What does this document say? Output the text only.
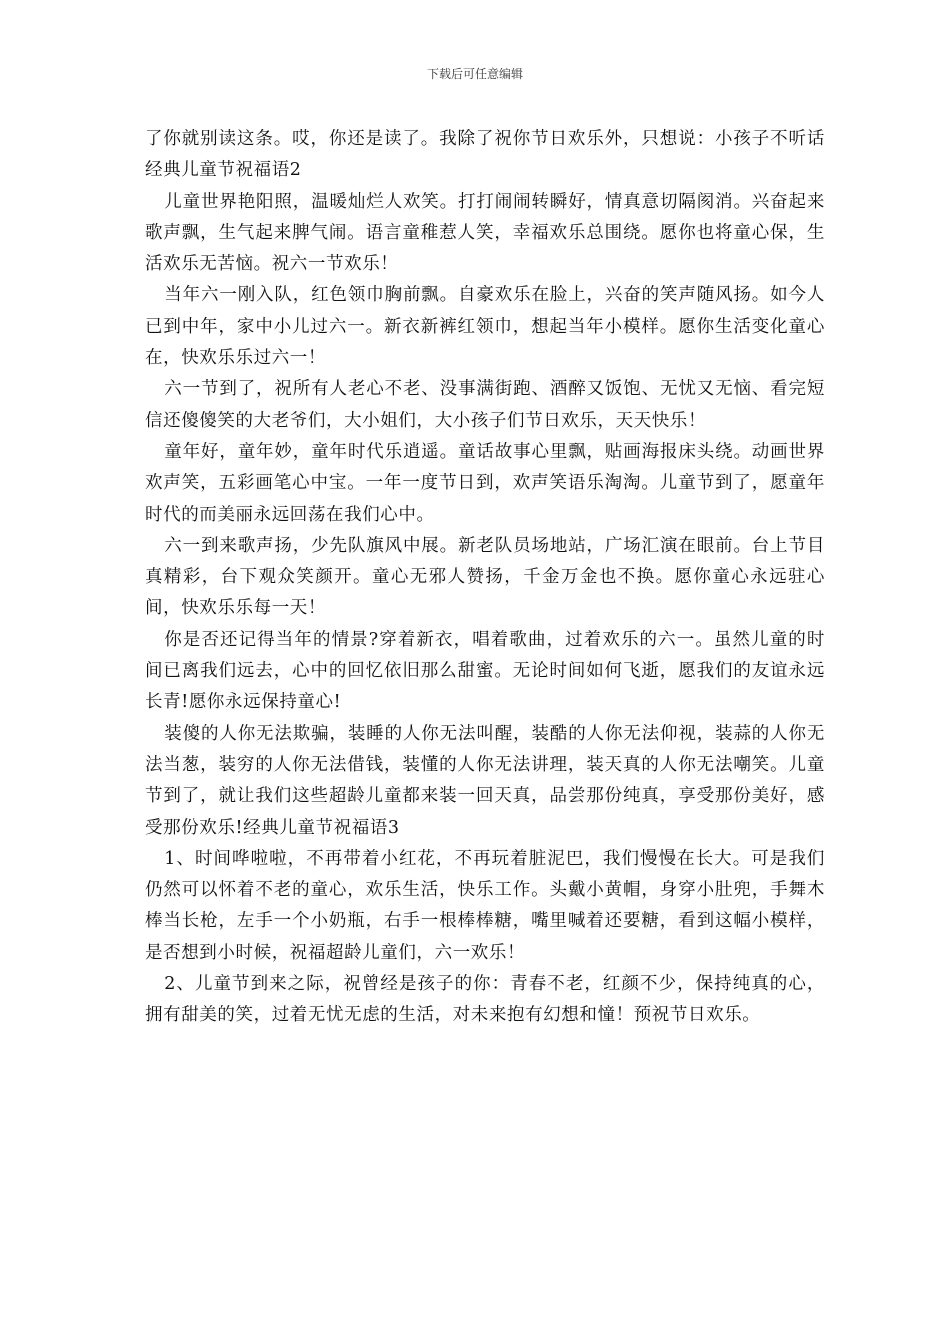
下载后可任意编辑

了你就别读这条。哎，你还是读了。我除了祝你节日欢乐外，只想说：小孩子不听话经典儿童节祝福语2

儿童世界艳阳照，温暖灿烂人欢笑。打打闹闹转瞬好，情真意切隔阂消。兴奋起来歌声飘，生气起来脾气闹。语言童稚惹人笑，幸福欢乐总围绕。愿你也将童心保，生活欢乐无苦恼。祝六一节欢乐！

当年六一刚入队，红色领巾胸前飘。自豪欢乐在脸上，兴奋的笑声随风扬。如今人已到中年，家中小儿过六一。新衣新裤红领巾，想起当年小模样。愿你生活变化童心在，快欢乐乐过六一！

六一节到了，祝所有人老心不老、没事满街跑、酒醉又饭饱、无忧又无恼、看完短信还傻傻笑的大老爷们，大小姐们，大小孩子们节日欢乐，天天快乐！

童年好，童年妙，童年时代乐逍遥。童话故事心里飘，贴画海报床头绕。动画世界欢声笑，五彩画笔心中宝。一年一度节日到，欢声笑语乐淘淘。儿童节到了，愿童年时代的而美丽永远回荡在我们心中。

六一到来歌声扬，少先队旗风中展。新老队员场地站，广场汇演在眼前。台上节目真精彩，台下观众笑颜开。童心无邪人赞扬，千金万金也不换。愿你童心永远驻心间，快欢乐乐每一天！

你是否还记得当年的情景?穿着新衣，唱着歌曲，过着欢乐的六一。虽然儿童的时间已离我们远去，心中的回忆依旧那么甜蜜。无论时间如何飞逝，愿我们的友谊永远长青!愿你永远保持童心!

装傻的人你无法欺骗，装睡的人你无法叫醒，装酷的人你无法仰视，装蒜的人你无法当葱，装穷的人你无法借钱，装懂的人你无法讲理，装天真的人你无法嘲笑。儿童节到了，就让我们这些超龄儿童都来装一回天真，品尝那份纯真，享受那份美好，感受那份欢乐!经典儿童节祝福语3

1、时间哗啦啦，不再带着小红花，不再玩着脏泥巴，我们慢慢在长大。可是我们仍然可以怀着不老的童心，欢乐生活，快乐工作。头戴小黄帽，身穿小肚兜，手舞木棒当长枪，左手一个小奶瓶，右手一根棒棒糖，嘴里喊着还要糖，看到这幅小模样，是否想到小时候，祝福超龄儿童们，六一欢乐！

2、儿童节到来之际，祝曾经是孩子的你：青春不老，红颜不少，保持纯真的心，拥有甜美的笑，过着无忧无虑的生活，对未来抱有幻想和憧！预祝节日欢乐。
